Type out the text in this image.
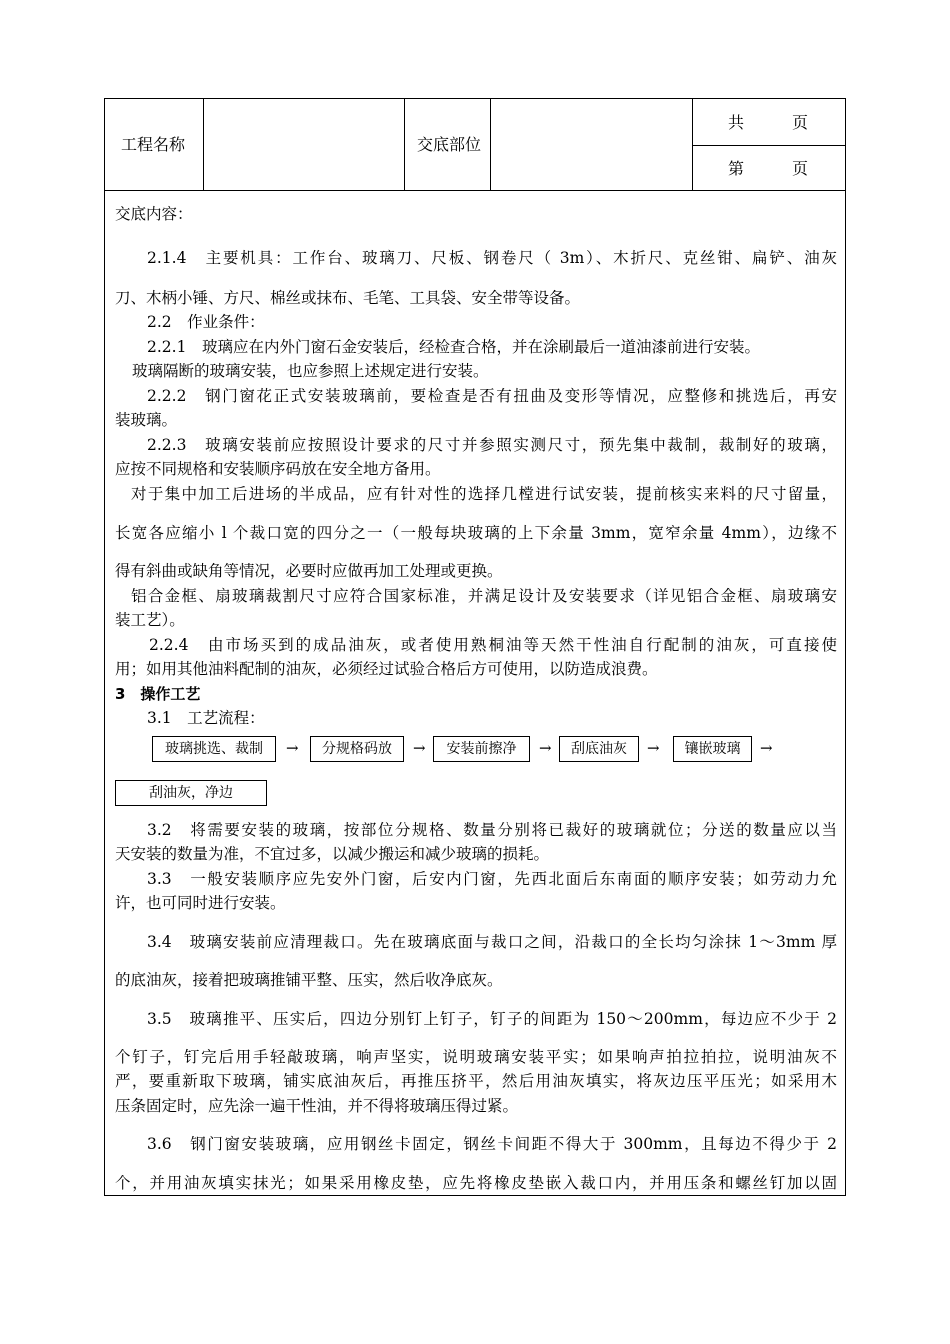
工程名称	交底部位
共　　　页
第　　　页

交底内容：

2.1.4　主要机具：工作台、玻璃刀、尺板、钢卷尺（ 3m）、木折尺、克丝钳、扁铲、油灰

刀、木柄小锤、方尺、棉丝或抹布、毛笔、工具袋、安全带等设备。

2.2　作业条件：

2.2.1　玻璃应在内外门窗石金安装后，经检查合格，并在涂刷最后一道油漆前进行安装。

玻璃隔断的玻璃安装，也应参照上述规定进行安装。

2.2.2　钢门窗花正式安装玻璃前，要检查是否有扭曲及变形等情况，应整修和挑选后，再安

装玻璃。

2.2.3　玻璃安装前应按照设计要求的尺寸并参照实测尺寸，预先集中裁制，裁制好的玻璃，

应按不同规格和安装顺序码放在安全地方备用。

对于集中加工后进场的半成品，应有针对性的选择几樘进行试安装，提前核实来料的尺寸留量，

长宽各应缩小 l 个裁口宽的四分之一（一般每块玻璃的上下余量 3mm，宽窄余量 4mm），边缘不

得有斜曲或缺角等情况，必要时应做再加工处理或更换。

铝合金框、扇玻璃裁割尺寸应符合国家标准，并满足设计及安装要求（详见铝合金框、扇玻璃安

装工艺）。

2.2.4　由市场买到的成品油灰，或者使用熟桐油等天然干性油自行配制的油灰，可直接使

用；如用其他油料配制的油灰，必须经过试验合格后方可使用，以防造成浪费。

3　操作工艺

3.1　工艺流程：

玻璃挑选、裁制	→	分规格码放	→	安装前擦净	→	刮底油灰	→	镶嵌玻璃	→
刮油灰，净边

3.2　将需要安装的玻璃，按部位分规格、数量分别将已裁好的玻璃就位；分送的数量应以当

天安装的数量为准，不宜过多，以减少搬运和减少玻璃的损耗。

3.3　一般安装顺序应先安外门窗，后安内门窗，先西北面后东南面的顺序安装；如劳动力允

许，也可同时进行安装。

3.4　玻璃安装前应清理裁口。先在玻璃底面与裁口之间，沿裁口的全长均匀涂抹 1～3mm 厚

的底油灰，接着把玻璃推铺平整、压实，然后收净底灰。

3.5　玻璃推平、压实后，四边分别钉上钉子，钉子的间距为 150～200mm，每边应不少于 2

个钉子，钉完后用手轻敲玻璃，响声坚实，说明玻璃安装平实；如果响声拍拉拍拉，说明油灰不

严，要重新取下玻璃，铺实底油灰后，再推压挤平，然后用油灰填实，将灰边压平压光；如采用木

压条固定时，应先涂一遍干性油，并不得将玻璃压得过紧。

3.6　钢门窗安装玻璃，应用钢丝卡固定，钢丝卡间距不得大于 300mm，且每边不得少于 2

个，并用油灰填实抹光；如果采用橡皮垫，应先将橡皮垫嵌入裁口内，并用压条和螺丝钉加以固
